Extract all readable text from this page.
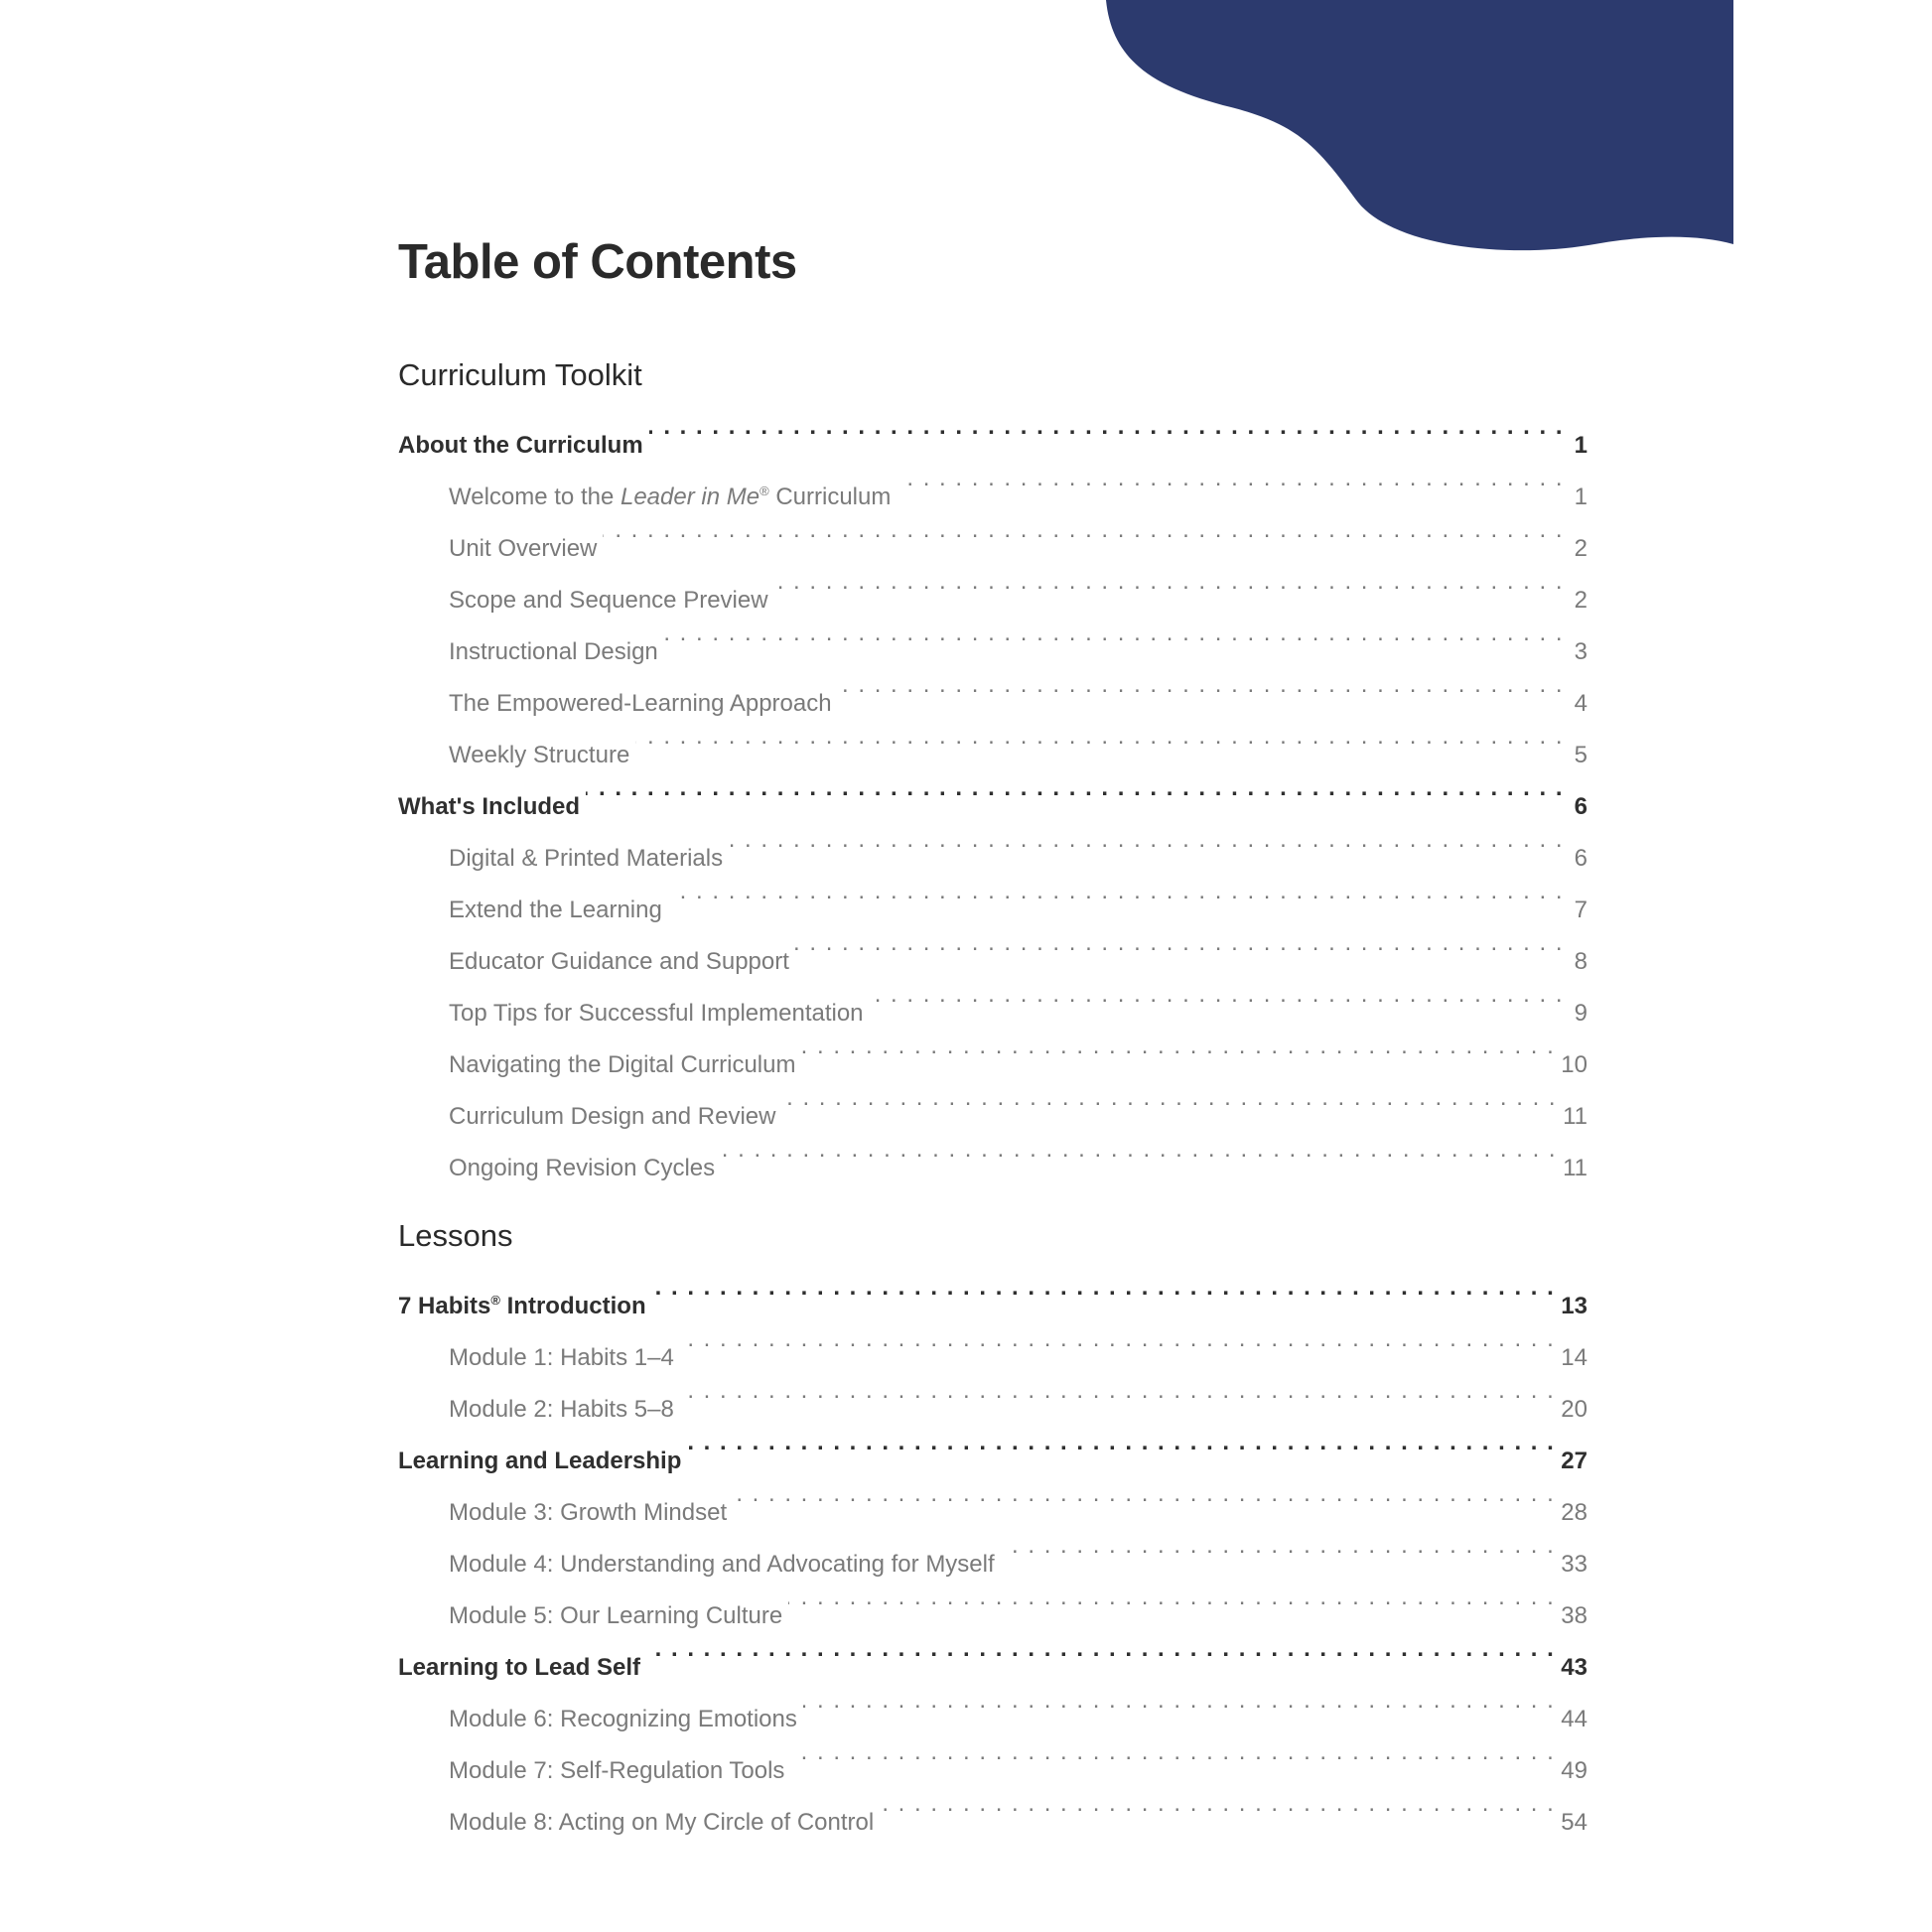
Table of Contents
Curriculum Toolkit
About the Curriculum . . .	1
Welcome to the Leader in Me® Curriculum . . .	1
Unit Overview . . .	2
Scope and Sequence Preview . . .	2
Instructional Design . . .	3
The Empowered-Learning Approach . . .	4
Weekly Structure . . .	5
What's Included . . .	6
Digital & Printed Materials . . .	6
Extend the Learning . . .	7
Educator Guidance and Support . . .	8
Top Tips for Successful Implementation . . .	9
Navigating the Digital Curriculum . . .	10
Curriculum Design and Review . . .	11
Ongoing Revision Cycles . . .	11
Lessons
7 Habits® Introduction . . .	13
Module 1: Habits 1–4 . . .	14
Module 2: Habits 5–8 . . .	20
Learning and Leadership . . .	27
Module 3: Growth Mindset . . .	28
Module 4: Understanding and Advocating for Myself . . .	33
Module 5: Our Learning Culture . . .	38
Learning to Lead Self . . .	43
Module 6: Recognizing Emotions . . .	44
Module 7: Self-Regulation Tools . . .	49
Module 8: Acting on My Circle of Control . . .	54
